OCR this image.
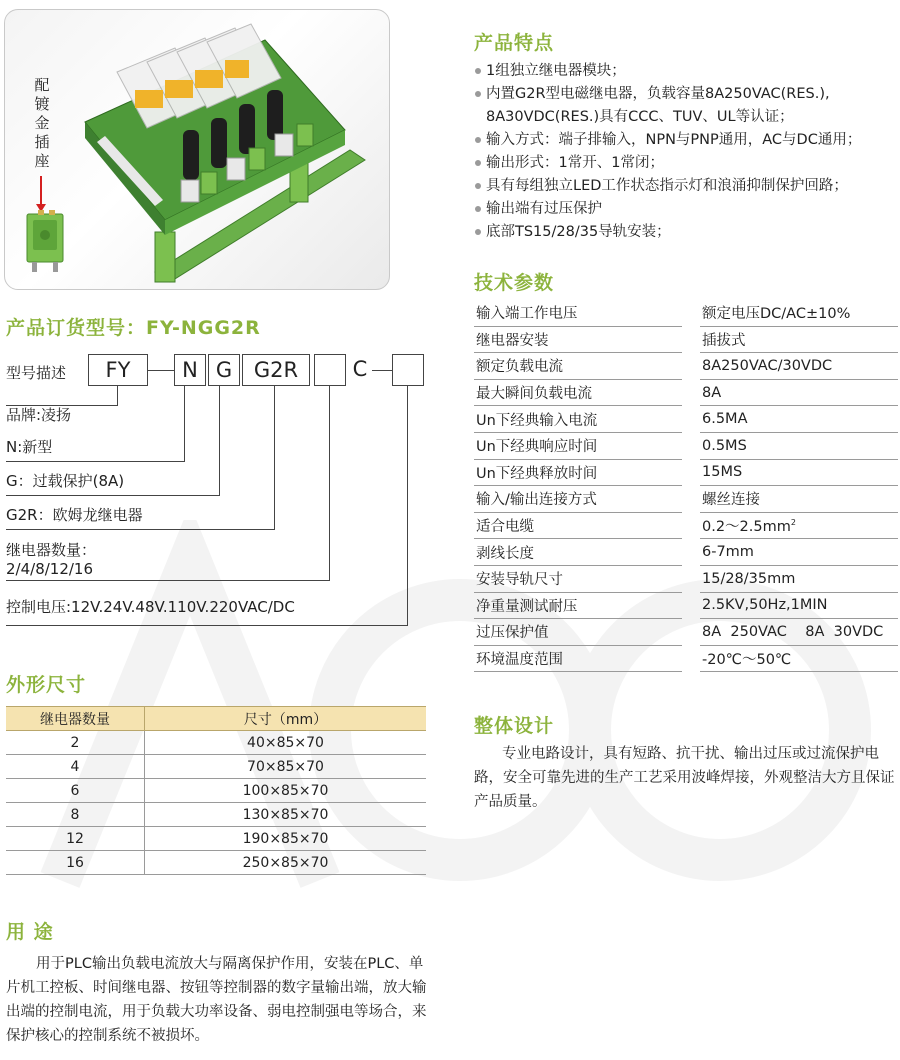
配
镀
金
插
座
产品订货型号：FY-NGG2R
型号描述	FY	N G	G2R	C
品牌:凌扬
N:新型
G：过载保护(8A)
G2R：欧姆龙继电器
继电器数量：
2/4/8/12/16
控制电压:12V.24V.48V.110V.220VAC/DC
外形尺寸
继电器数量	尺寸（mm）
2	40×85×70
4	70×85×70
6	100×85×70
8	130×85×70
12	190×85×70
16	250×85×70
用 途

用于PLC输出负载电流放大与隔离保护作用，安装在PLC、单片机工控板、时间继电器、按钮等控制器的数字量输出端，放大输出端的控制电流，用于负载大功率设备、弱电控制强电等场合，来保护核心的控制系统不被损坏。

产品特点
1组独立继电器模块；
内置G2R型电磁继电器，负载容量8A250VAC(RES.),
8A30VDC(RES.)具有CCC、TUV、UL等认证；
输入方式：端子排输入，NPN与PNP通用，AC与DC通用；
输出形式：1常开、1常闭；
具有每组独立LED工作状态指示灯和浪涌抑制保护回路；
输出端有过压保护
底部TS15/28/35导轨安装；
技术参数
输入端工作电压		额定电压DC/AC±10%
继电器安装		插拔式
额定负载电流		8A250VAC/30VDC
最大瞬间负载电流		8A
Un下经典输入电流		6.5MA
Un下经典响应时间		0.5MS
Un下经典释放时间		15MS
输入/输出连接方式		螺丝连接
适合电缆		$0.2\sim 2.5mm^2$
剥线长度		6-7mm
安装导轨尺寸		15/28/35mm
净重量测试耐压		2.5KV,50Hz,1MIN
过压保护值		8A  250VAC    8A  30VDC
环境温度范围		-20℃～50℃
整体设计

专业电路设计，具有短路、抗干扰、输出过压或过流保护电路，安全可靠先进的生产工艺采用波峰焊接，外观整洁大方且保证产品质量。
